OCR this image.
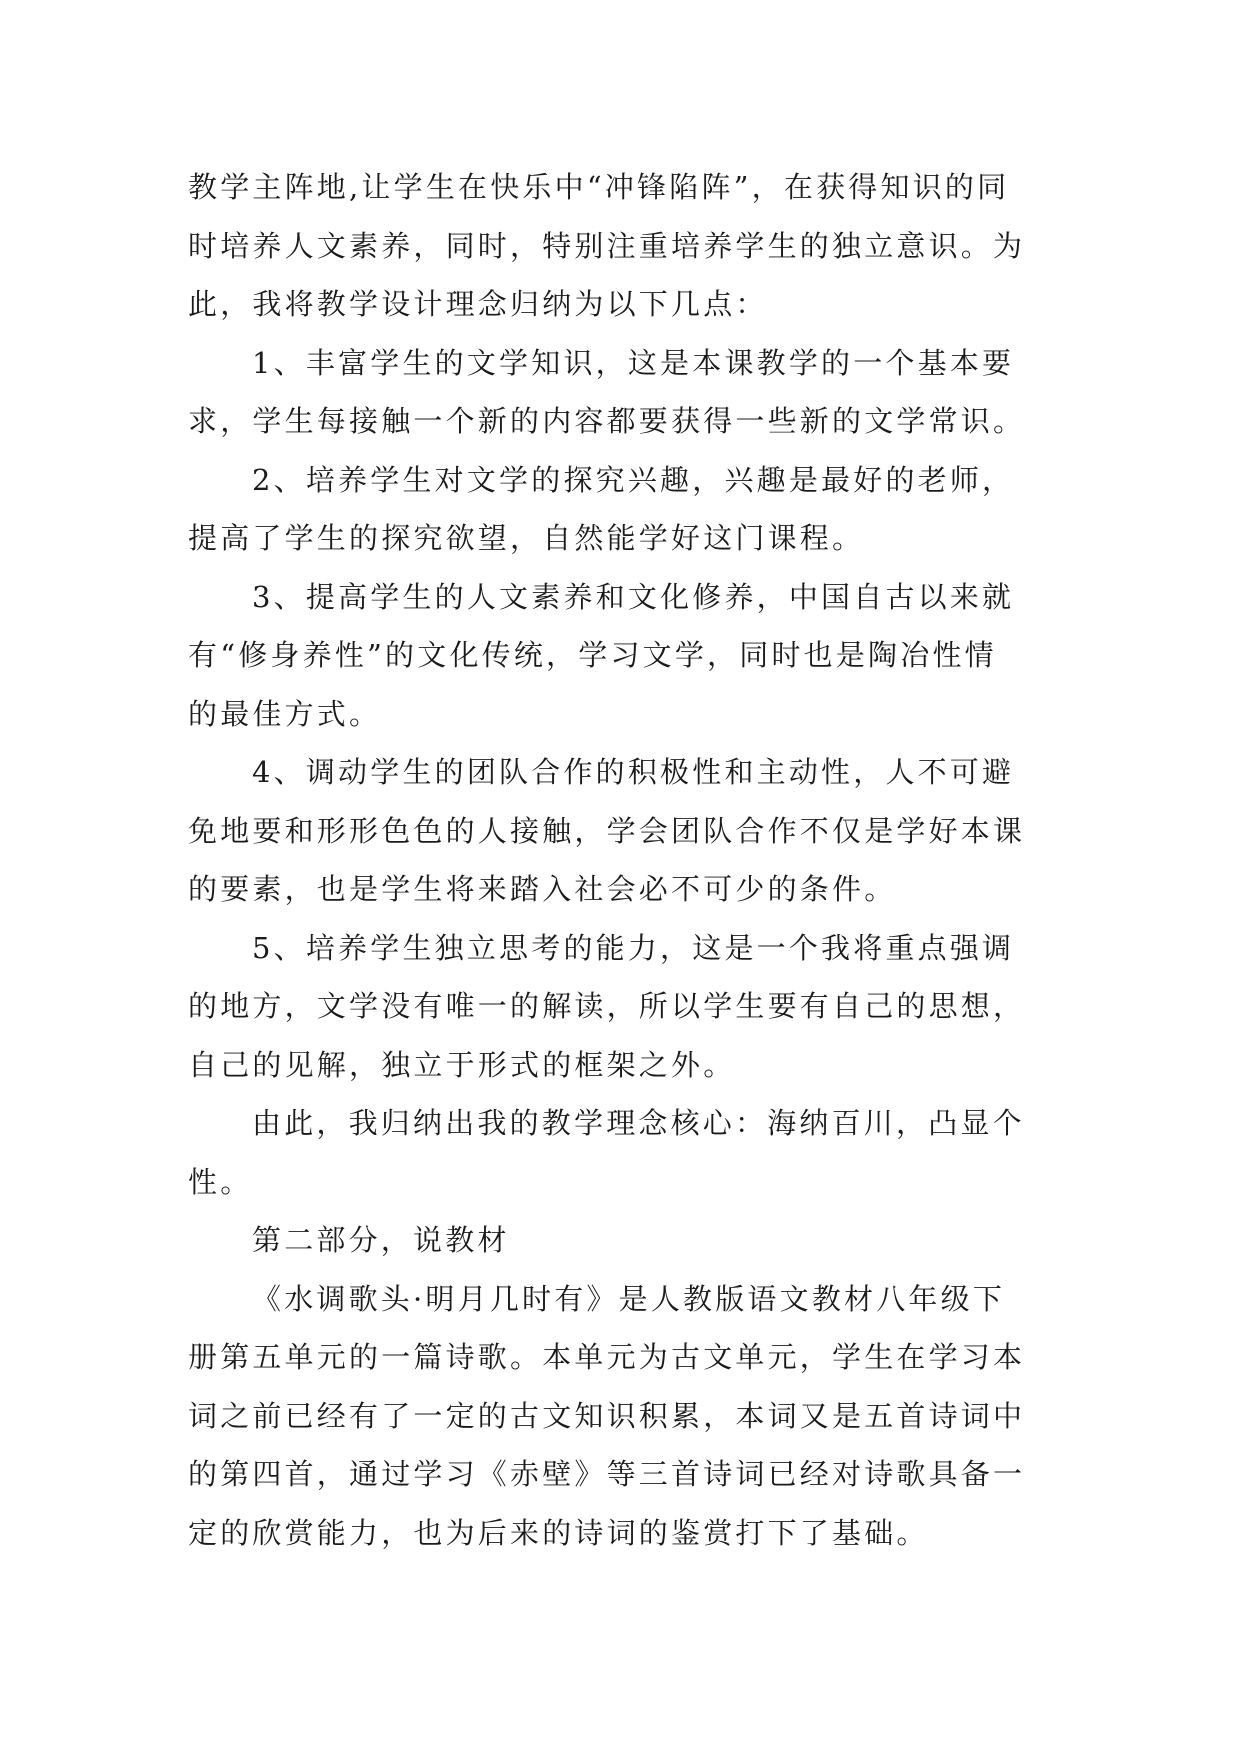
教学主阵地,让学生在快乐中“冲锋陷阵”，在获得知识的同
时培养人文素养，同时，特别注重培养学生的独立意识。为
此，我将教学设计理念归纳为以下几点：
1、丰富学生的文学知识，这是本课教学的一个基本要
求，学生每接触一个新的内容都要获得一些新的文学常识。
2、培养学生对文学的探究兴趣，兴趣是最好的老师，
提高了学生的探究欲望，自然能学好这门课程。
3、提高学生的人文素养和文化修养，中国自古以来就
有“修身养性”的文化传统，学习文学，同时也是陶冶性情
的最佳方式。
4、调动学生的团队合作的积极性和主动性，人不可避
免地要和形形色色的人接触，学会团队合作不仅是学好本课
的要素，也是学生将来踏入社会必不可少的条件。
5、培养学生独立思考的能力，这是一个我将重点强调
的地方，文学没有唯一的解读，所以学生要有自己的思想，
自己的见解，独立于形式的框架之外。
由此，我归纳出我的教学理念核心：海纳百川，凸显个
性。
第二部分，说教材
《水调歌头·明月几时有》是人教版语文教材八年级下
册第五单元的一篇诗歌。本单元为古文单元，学生在学习本
词之前已经有了一定的古文知识积累，本词又是五首诗词中
的第四首，通过学习《赤壁》等三首诗词已经对诗歌具备一
定的欣赏能力，也为后来的诗词的鉴赏打下了基础。
